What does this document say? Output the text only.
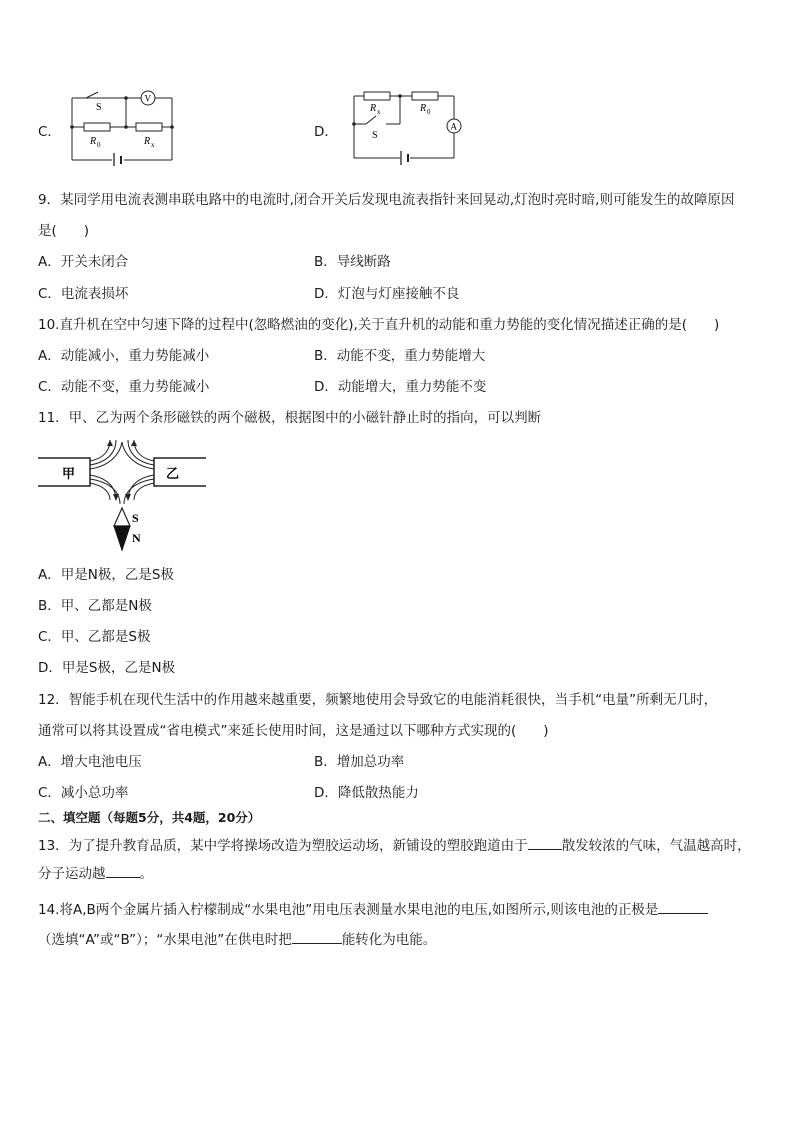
C．
S
V
R 0	R x
D．
R x	R 0
S
A
9．某同学用电流表测串联电路中的电流时,闭合开关后发现电流表指针来回晃动,灯泡时亮时暗,则可能发生的故障原因
是(　　)
A．开关未闭合	B．导线断路
C．电流表损坏	D．灯泡与灯座接触不良
10.直升机在空中匀速下降的过程中(忽略燃油的变化),关于直升机的动能和重力势能的变化情况描述正确的是(　　)
A．动能减小，重力势能减小	B．动能不变，重力势能增大
C．动能不变，重力势能减小	D．动能增大，重力势能不变
11．甲、乙为两个条形磁铁的两个磁极，根据图中的小磁针静止时的指向，可以判断
甲	乙
S
N
A．甲是N极，乙是S极
B．甲、乙都是N极
C．甲、乙都是S极
D．甲是S极，乙是N极
12．智能手机在现代生活中的作用越来越重要，频繁地使用会导致它的电能消耗很快，当手机“电量”所剩无几时，
通常可以将其设置成“省电模式”来延长使用时间，这是通过以下哪种方式实现的(　　)
A．增大电池电压	B．增加总功率
C．减小总功率	D．降低散热能力
二、填空题（每题5分，共4题，20分）
13．为了提升教育品质，某中学将操场改造为塑胶运动场，新铺设的塑胶跑道由于	散发较浓的气味，气温越高时，
分子运动越	。
14.将A,B两个金属片插入柠檬制成“水果电池”用电压表测量水果电池的电压,如图所示,则该电池的正极是
（选填“A”或“B”）；“水果电池”在供电时把	能转化为电能。
